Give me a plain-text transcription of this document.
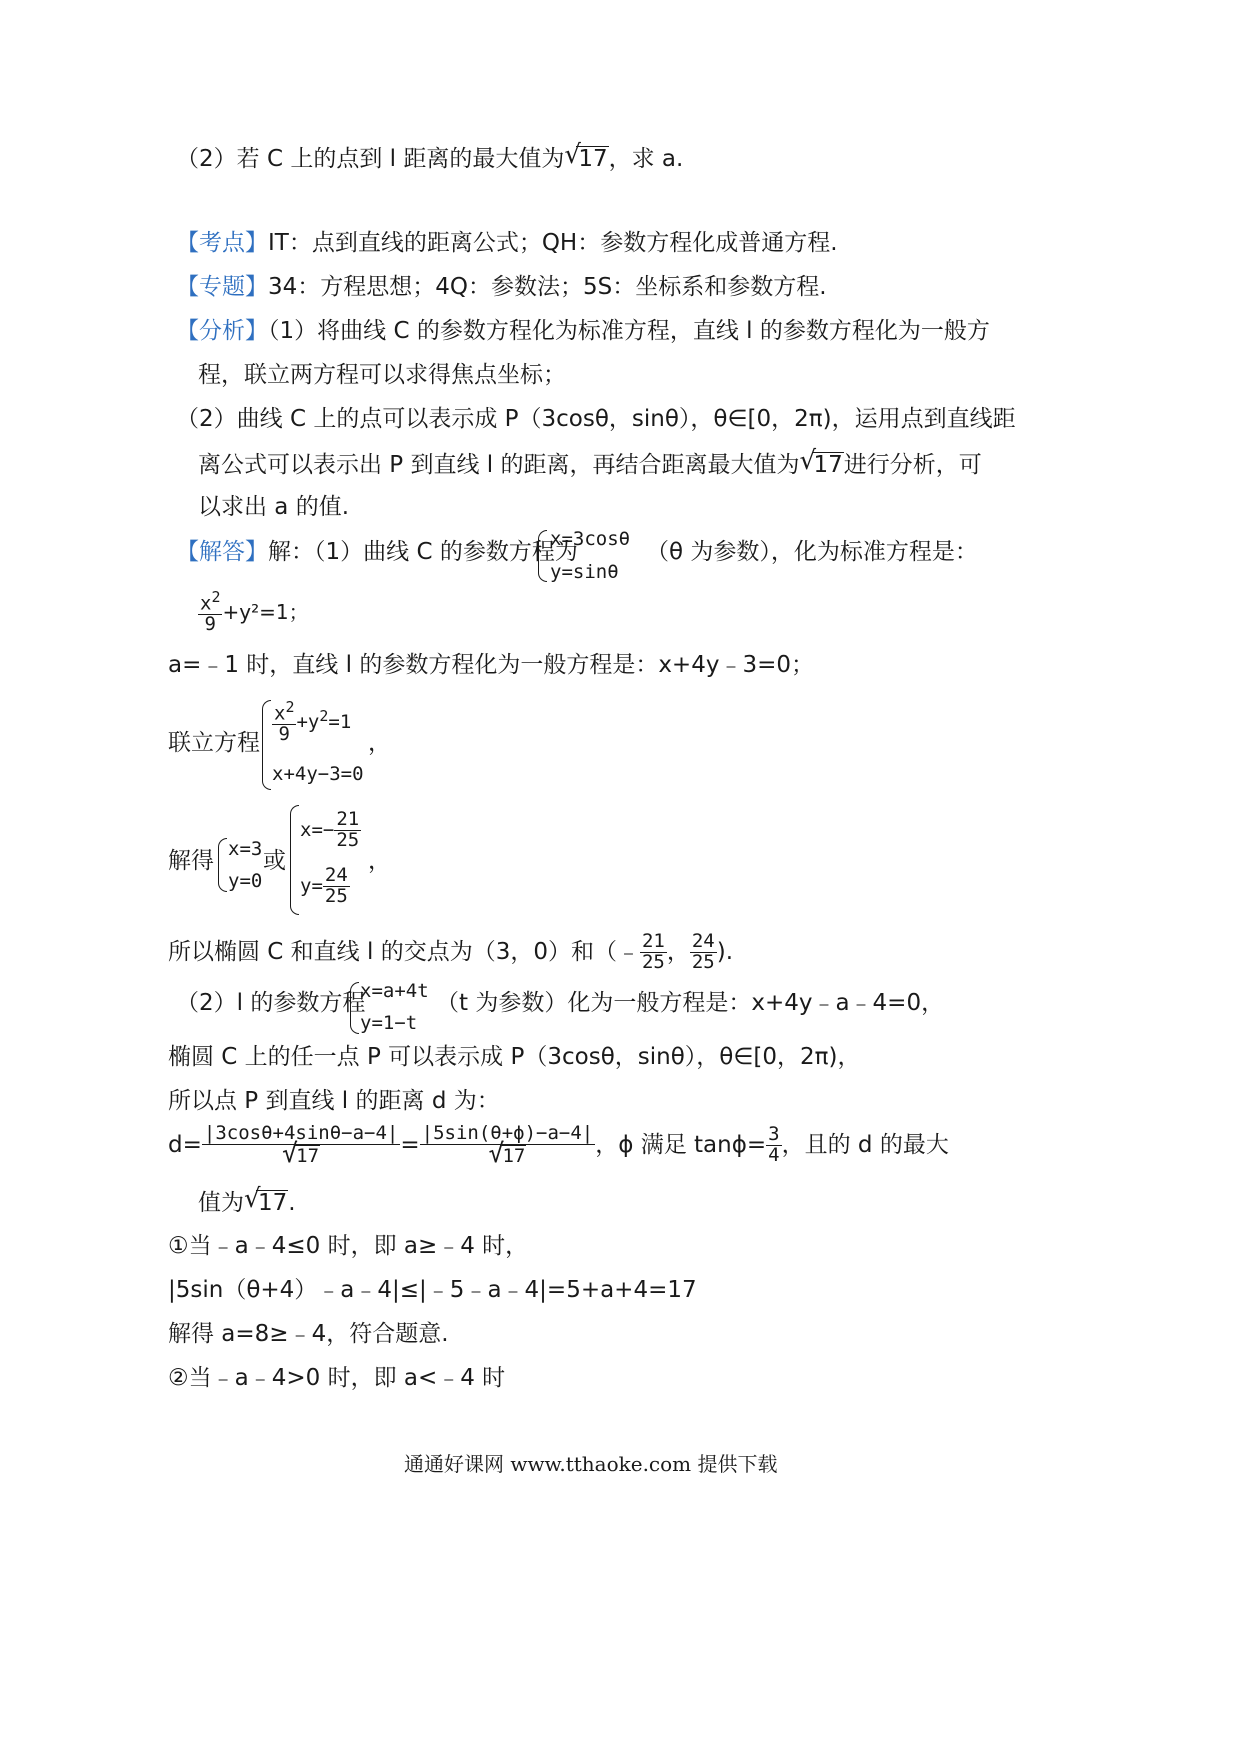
（2）若 C 上的点到 l 距离的最大值为 √
17，求 a.
【考点】IT：点到直线的距离公式；QH：参数方程化成普通方程.
【专题】34：方程思想；4Q：参数法；5S：坐标系和参数方程.
【分析】（1）将曲线 C 的参数方程化为标准方程，直线 l 的参数方程化为一般方
程，联立两方程可以求得焦点坐标；
（2）曲线 C 上的点可以表示成 P（3cosθ，sinθ），θ∈[0，2π)，运用点到直线距
离公式可以表示出 P 到直线 l 的距离，再结合距离最大值为 √
17进行分析，可
以求出 a 的值.
【解答】解：（1）曲线 C 的参数方程为
x=3cosθ
y=sinθ
（θ 为参数），化为标准方程是：
$\frac{x^2}{9} +y^2=1$；
a=﹣1 时，直线 l 的参数方程化为一般方程是：x+4y﹣3=0；
联立方程 $\frac{x^2}{9} +y^2=1$
，
x+4y−3=0
解得 x=3
y=0
或
$x=- \frac{21}{25}$
，
$y= \frac{24}{25}$
所以椭圆 C 和直线 l 的交点为（3，0）和（﹣ $\frac{21}{25}$ ， $\frac{24}{25}$ ).
（2）l 的参数方程
x=a+4t
y=1−t
（t 为参数）化为一般方程是：x+4y﹣a﹣4=0，
椭圆 C 上的任一点 P 可以表示成 P（3cosθ，sinθ），θ∈[0，2π)，
所以点 P 到直线 l 的距离 d 为：
d= |3cosθ+4sinθ−a−4|
√
17 = |5sin(θ+ϕ)−a−4|
√
17 ，ϕ 满足 $\tan\phi= \frac{3}{4}$ ，且的 d 的最大
值为 √
17.
①当﹣a﹣4≤0 时，即 a≥﹣4 时，
|5sin（θ+4）﹣a﹣4|≤|﹣5﹣a﹣4|=5+a+4=17
解得 a=8≥﹣4，符合题意.
②当﹣a﹣4>0 时，即 a<﹣4 时
通通好课网 www.tthaoke.com 提供下载
